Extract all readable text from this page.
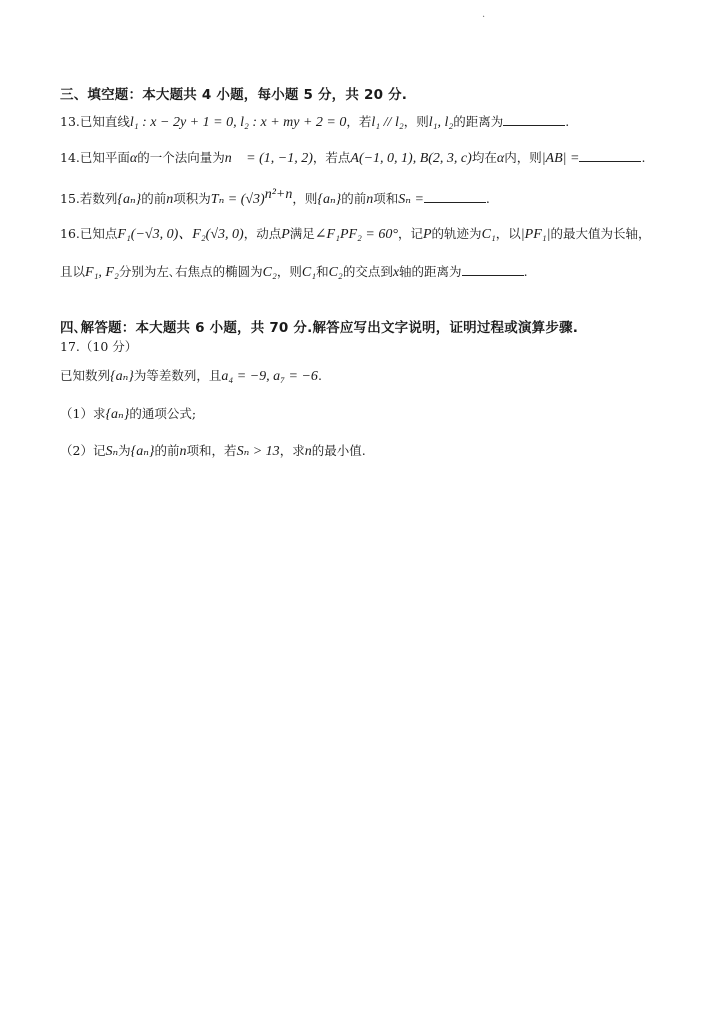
·
三、填空题：本大题共 4 小题，每小题 5 分，共 20 分.
13.已知直线l₁ : x − 2y + 1 = 0, l₂ : x + my + 2 = 0，若l₁ // l₂，则l₁, l₂的距离为	.
14.已知平面α的一个法向量为n⃗ = (1, −1, 2)，若点A(−1, 0, 1), B(2, 3, c)均在α内，则|AB| =	.
15.若数列{aₙ}的前n项积为$T_n = (√3)^{n^2+n}$，则{aₙ}的前n项和Sₙ =	.
16.已知点F₁(−√3, 0)、F₂(√3, 0)，动点P满足∠F₁PF₂ = 60°，记P的轨迹为C₁，以|PF₁|的最大值为长轴，
且以F₁, F₂分别为左､右焦点的椭圆为C₂，则C₁和C₂的交点到x轴的距离为	.
四､解答题：本大题共 6 小题，共 70 分.解答应写出文字说明，证明过程或演算步骤.
17.（10 分）
已知数列{aₙ}为等差数列，且a₄ = −9, a₇ = −6.
（1）求{aₙ}的通项公式;
（2）记Sₙ为{aₙ}的前n项和，若Sₙ > 13，求n的最小值.
